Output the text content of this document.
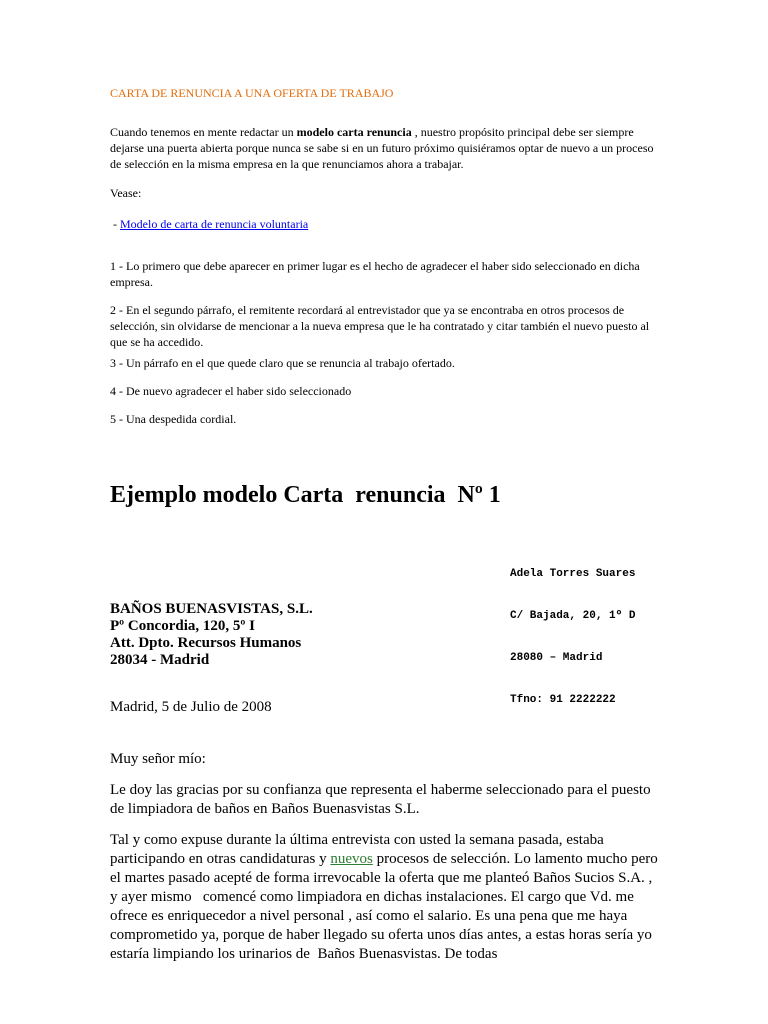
CARTA DE RENUNCIA A UNA OFERTA DE TRABAJO

Cuando tenemos en mente redactar un modelo carta renuncia , nuestro propósito principal debe ser siempre dejarse una puerta abierta porque nunca se sabe si en un futuro próximo quisiéramos optar de nuevo a un proceso de selección en la misma empresa en la que renunciamos ahora a trabajar.

Vease:

- Modelo de carta de renuncia voluntaria

1 - Lo primero que debe aparecer en primer lugar es el hecho de agradecer el haber sido seleccionado en dicha empresa.

2 - En el segundo párrafo, el remitente recordará al entrevistador que ya se encontraba en otros procesos de selección, sin olvidarse de mencionar a la nueva empresa que le ha contratado y citar también el nuevo puesto al que se ha accedido.

3 - Un párrafo en el que quede claro que se renuncia al trabajo ofertado.

4 - De nuevo agradecer el haber sido seleccionado

5 - Una despedida cordial.

Ejemplo modelo Carta  renuncia  Nº 1

Adela Torres Suares

C/ Bajada, 20, 1º D

28080 – Madrid

Tfno: 91 2222222

BAÑOS BUENASVISTAS, S.L.
Pº Concordia, 120, 5º I
Att. Dpto. Recursos Humanos
28034 - Madrid

Madrid, 5 de Julio de 2008

Muy señor mío:

Le doy las gracias por su confianza que representa el haberme seleccionado para el puesto de limpiadora de baños en Baños Buenasvistas S.L.

Tal y como expuse durante la última entrevista con usted la semana pasada, estaba participando en otras candidaturas y nuevos procesos de selección. Lo lamento mucho pero el martes pasado acepté de forma irrevocable la oferta que me planteó Baños Sucios S.A. , y ayer mismo   comencé como limpiadora en dichas instalaciones. El cargo que Vd. me ofrece es enriquecedor a nivel personal , así como el salario. Es una pena que me haya comprometido ya, porque de haber llegado su oferta unos días antes, a estas horas sería yo estaría limpiando los urinarios de  Baños Buenasvistas. De todas
